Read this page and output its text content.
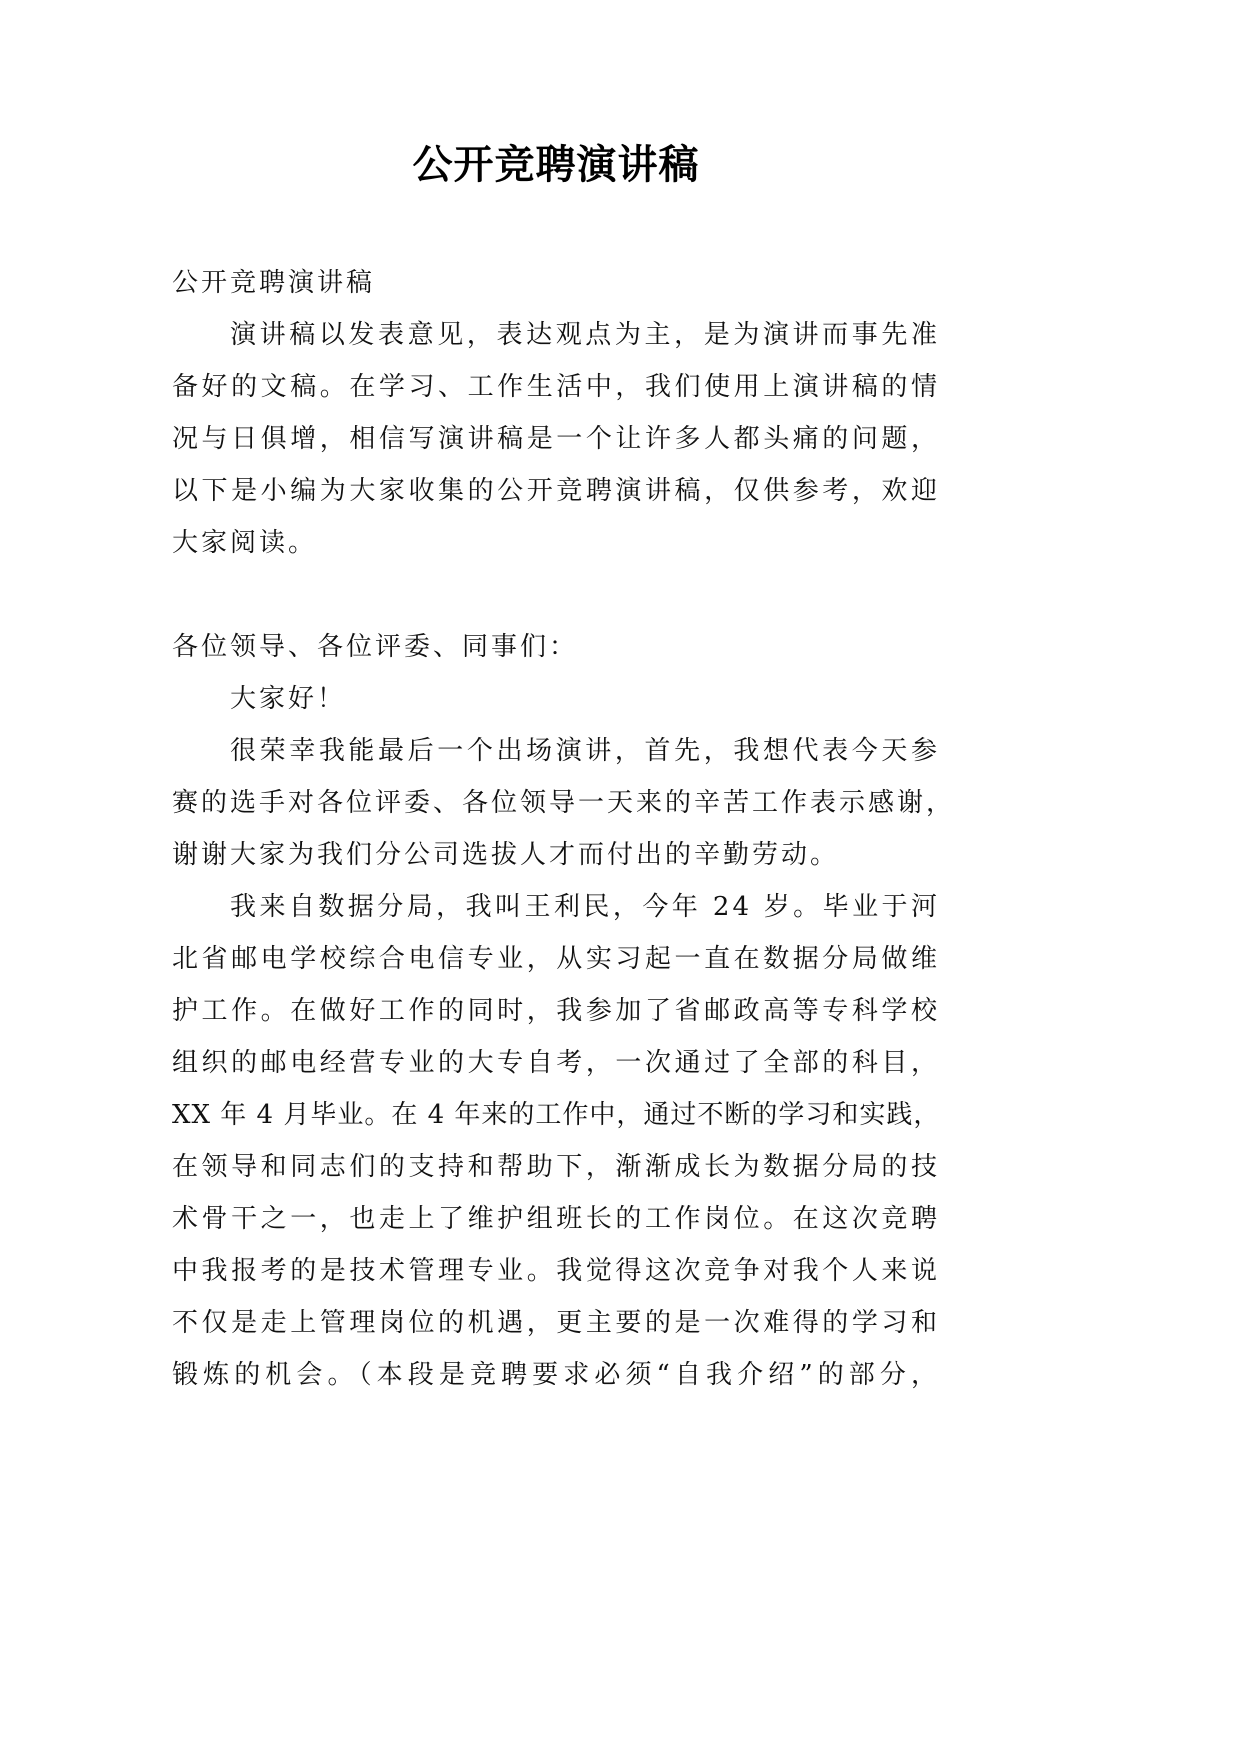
公开竞聘演讲稿
公开竞聘演讲稿
演讲稿以发表意见，表达观点为主，是为演讲而事先准
备好的文稿。在学习、工作生活中，我们使用上演讲稿的情
况与日俱增，相信写演讲稿是一个让许多人都头痛的问题，
以下是小编为大家收集的公开竞聘演讲稿，仅供参考，欢迎
大家阅读。
各位领导、各位评委、同事们：
大家好！
很荣幸我能最后一个出场演讲，首先，我想代表今天参
赛的选手对各位评委、各位领导一天来的辛苦工作表示感谢，
谢谢大家为我们分公司选拔人才而付出的辛勤劳动。
我来自数据分局，我叫王利民，今年 24 岁。毕业于河
北省邮电学校综合电信专业，从实习起一直在数据分局做维
护工作。在做好工作的同时，我参加了省邮政高等专科学校
组织的邮电经营专业的大专自考，一次通过了全部的科目，
XX 年 4 月毕业。在 4 年来的工作中，通过不断的学习和实践，
在领导和同志们的支持和帮助下，渐渐成长为数据分局的技
术骨干之一，也走上了维护组班长的工作岗位。在这次竞聘
中我报考的是技术管理专业。我觉得这次竞争对我个人来说
不仅是走上管理岗位的机遇，更主要的是一次难得的学习和
锻炼的机会。（本段是竞聘要求必须“自我介绍”的部分，
